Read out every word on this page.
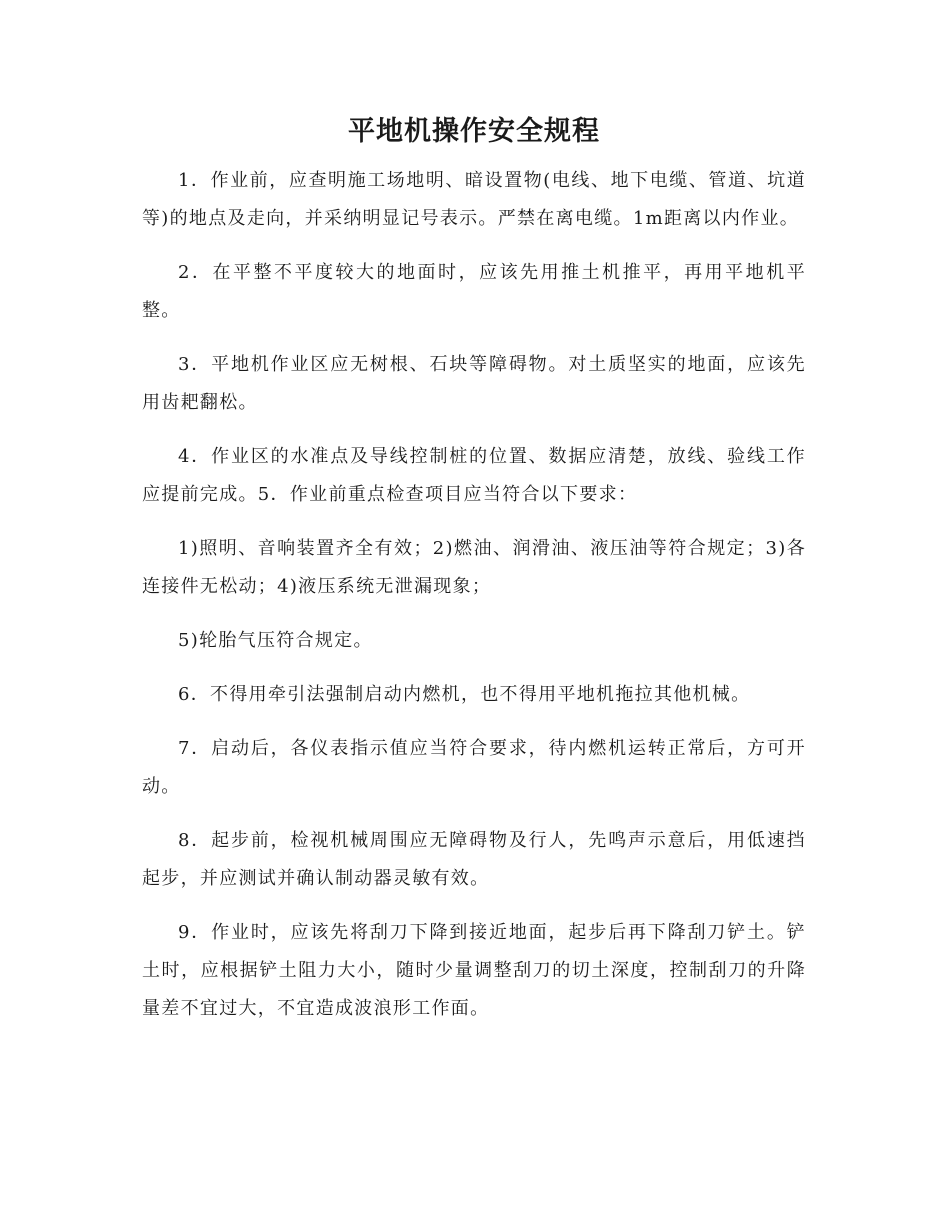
平地机操作安全规程

1．作业前，应查明施工场地明、暗设置物(电线、地下电缆、管道、坑道等)的地点及走向，并采纳明显记号表示。严禁在离电缆。1m距离以内作业。

2．在平整不平度较大的地面时，应该先用推土机推平，再用平地机平整。

3．平地机作业区应无树根、石块等障碍物。对土质坚实的地面，应该先用齿耙翻松。

4．作业区的水准点及导线控制桩的位置、数据应清楚，放线、验线工作应提前完成。5．作业前重点检查项目应当符合以下要求：

1)照明、音响装置齐全有效；2)燃油、润滑油、液压油等符合规定；3)各连接件无松动；4)液压系统无泄漏现象；

5)轮胎气压符合规定。

6．不得用牵引法强制启动内燃机，也不得用平地机拖拉其他机械。

7．启动后，各仪表指示值应当符合要求，待内燃机运转正常后，方可开动。

8．起步前，检视机械周围应无障碍物及行人，先鸣声示意后，用低速挡起步，并应测试并确认制动器灵敏有效。

9．作业时，应该先将刮刀下降到接近地面，起步后再下降刮刀铲土。铲土时，应根据铲土阻力大小，随时少量调整刮刀的切土深度，控制刮刀的升降量差不宜过大，不宜造成波浪形工作面。
